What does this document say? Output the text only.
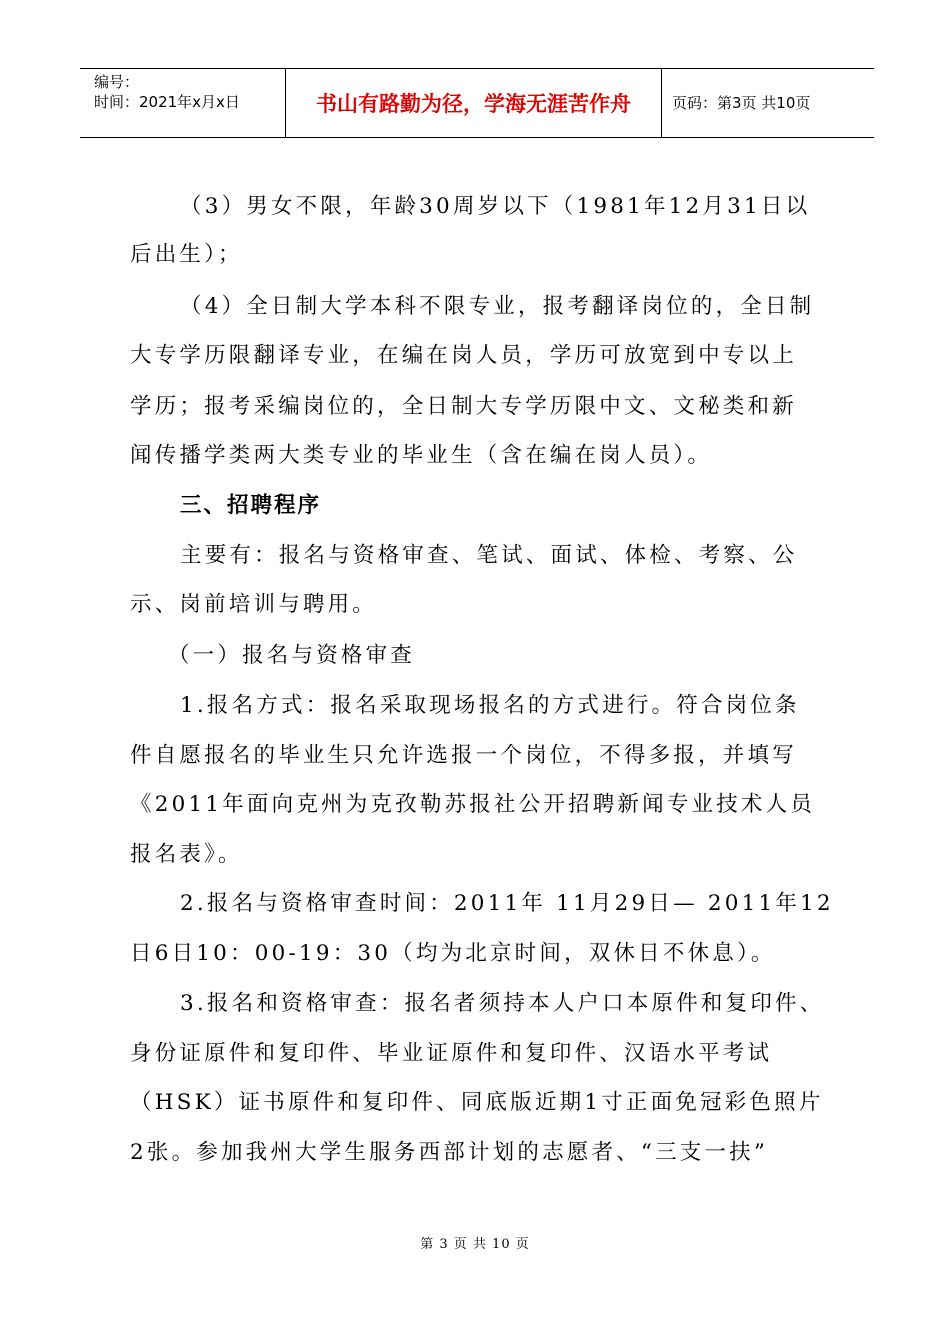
编号：
时间：2021年x月x日	书山有路勤为径，学海无涯苦作舟	页码：第3页 共10页
（3）男女不限，年龄30周岁以下（1981年12月31日以
后出生）；
（4）全日制大学本科不限专业，报考翻译岗位的，全日制
大专学历限翻译专业，在编在岗人员，学历可放宽到中专以上
学历；报考采编岗位的，全日制大专学历限中文、文秘类和新
闻传播学类两大类专业的毕业生（含在编在岗人员）。
三、招聘程序
主要有：报名与资格审查、笔试、面试、体检、考察、公
示、岗前培训与聘用。
（一）报名与资格审查
1.报名方式：报名采取现场报名的方式进行。符合岗位条
件自愿报名的毕业生只允许选报一个岗位，不得多报，并填写
《2011年面向克州为克孜勒苏报社公开招聘新闻专业技术人员
报名表》。
2.报名与资格审查时间：2011年 11月29日— 2011年12
日6日10：00-19：30（均为北京时间，双休日不休息）。
3.报名和资格审查：报名者须持本人户口本原件和复印件、
身份证原件和复印件、毕业证原件和复印件、汉语水平考试
（HSK）证书原件和复印件、同底版近期1寸正面免冠彩色照片
2张。参加我州大学生服务西部计划的志愿者、“三支一扶”
第 3 页 共 10 页
